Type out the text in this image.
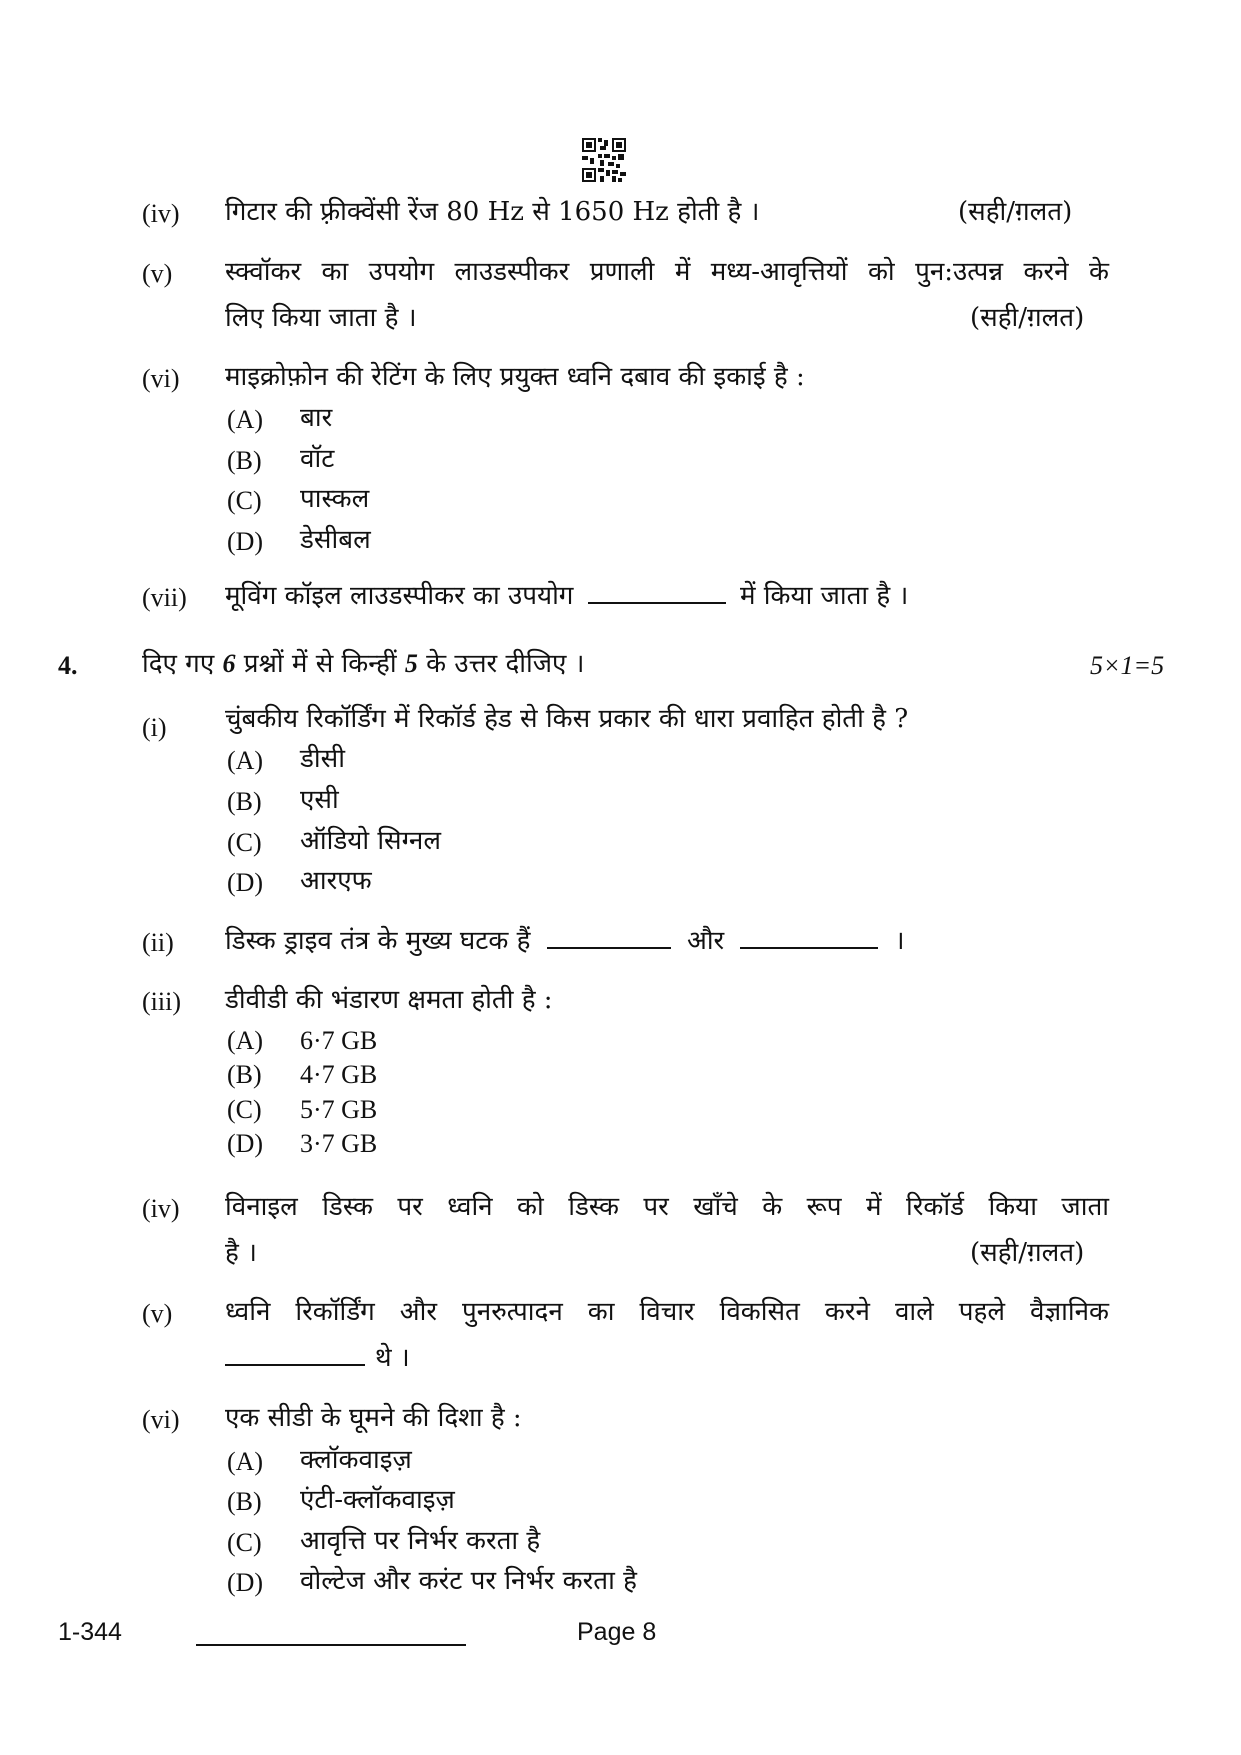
(iv) गिटार की फ़्रीक्वेंसी रेंज 80 Hz से 1650 Hz होती है ।	(सही/ग़लत)
(v) स्क्वॉकर का उपयोग लाउडस्पीकर प्रणाली में मध्य-आवृत्तियों को पुन:उत्पन्न करने के
लिए किया जाता है ।	(सही/ग़लत)
(vi) माइक्रोफ़ोन की रेटिंग के लिए प्रयुक्त ध्वनि दबाव की इकाई है :
(A) बार
(B) वॉट
(C) पास्कल
(D) डेसीबल
(vii) मूविंग कॉइल लाउडस्पीकर का उपयोग	में किया जाता है ।
4. दिए गए 6 प्रश्नों में से किन्हीं 5 के उत्तर दीजिए ।	5×1=5
(i) चुंबकीय रिकॉर्डिंग में रिकॉर्ड हेड से किस प्रकार की धारा प्रवाहित होती है ?
(A) डीसी
(B) एसी
(C) ऑडियो सिग्नल
(D) आरएफ
(ii) डिस्क ड्राइव तंत्र के मुख्य घटक हैं	और	।
(iii) डीवीडी की भंडारण क्षमता होती है :
(A) 6·7 GB
(B) 4·7 GB
(C) 5·7 GB
(D) 3·7 GB
(iv) विनाइल डिस्क पर ध्वनि को डिस्क पर खाँचे के रूप में रिकॉर्ड किया जाता
है ।	(सही/ग़लत)
(v) ध्वनि रिकॉर्डिंग और पुनरुत्पादन का विचार विकसित करने वाले पहले वैज्ञानिक
थे ।
(vi) एक सीडी के घूमने की दिशा है :
(A) क्लॉकवाइज़
(B) एंटी-क्लॉकवाइज़
(C) आवृत्ति पर निर्भर करता है
(D) वोल्टेज और करंट पर निर्भर करता है
1-344	Page 8
